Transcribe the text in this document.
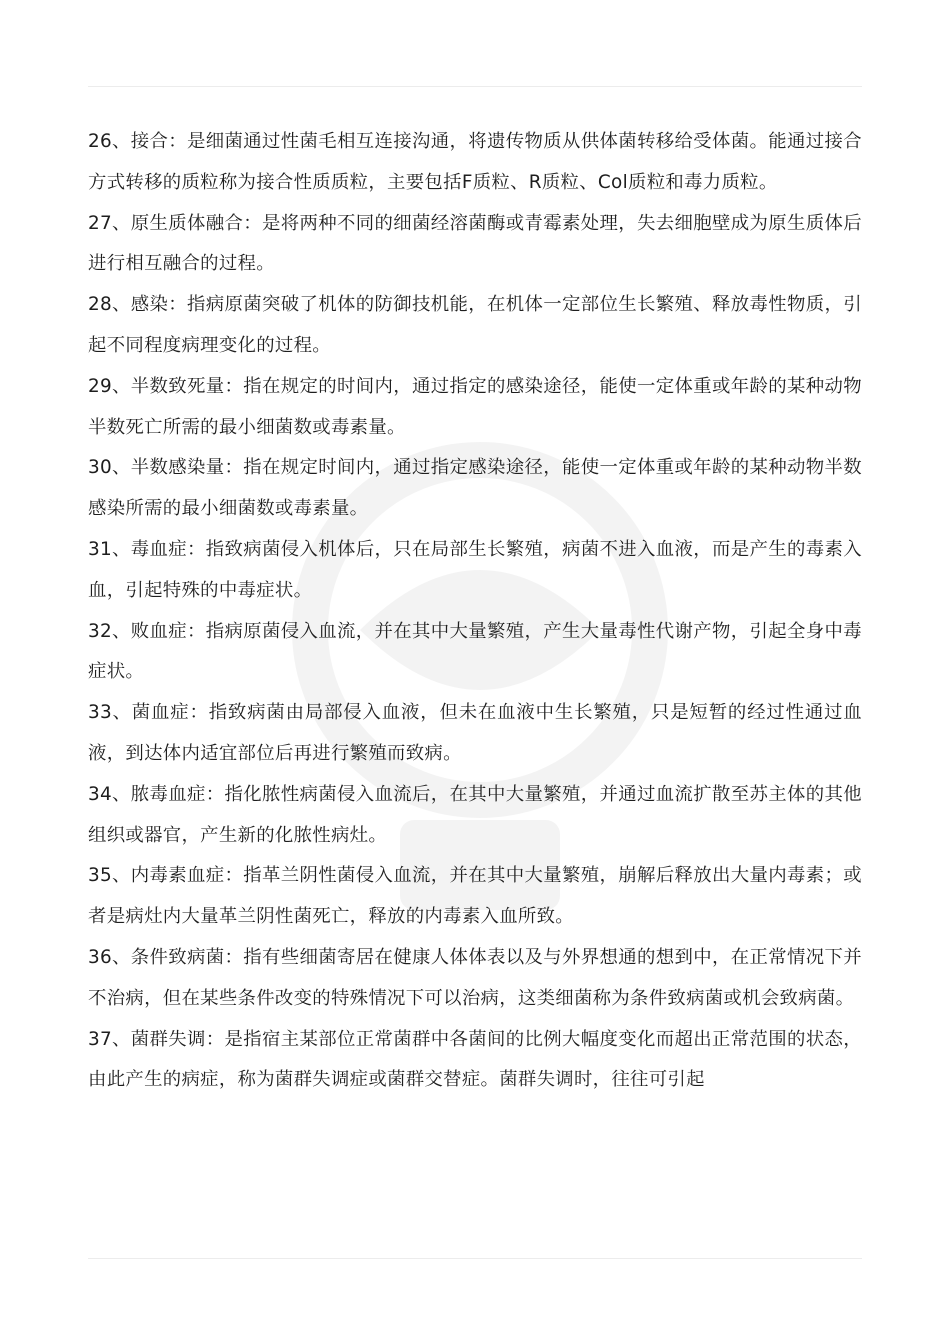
26、接合：是细菌通过性菌毛相互连接沟通，将遗传物质从供体菌转移给受体菌。能通过接合方式转移的质粒称为接合性质质粒，主要包括F质粒、R质粒、Col质粒和毒力质粒。

27、原生质体融合：是将两种不同的细菌经溶菌酶或青霉素处理，失去细胞壁成为原生质体后进行相互融合的过程。

28、感染：指病原菌突破了机体的防御技机能，在机体一定部位生长繁殖、释放毒性物质，引起不同程度病理变化的过程。

29、半数致死量：指在规定的时间内，通过指定的感染途径，能使一定体重或年龄的某种动物半数死亡所需的最小细菌数或毒素量。

30、半数感染量：指在规定时间内，通过指定感染途径，能使一定体重或年龄的某种动物半数感染所需的最小细菌数或毒素量。

31、毒血症：指致病菌侵入机体后，只在局部生长繁殖，病菌不进入血液，而是产生的毒素入血，引起特殊的中毒症状。

32、败血症：指病原菌侵入血流，并在其中大量繁殖，产生大量毒性代谢产物，引起全身中毒症状。

33、菌血症：指致病菌由局部侵入血液，但未在血液中生长繁殖，只是短暂的经过性通过血液，到达体内适宜部位后再进行繁殖而致病。

34、脓毒血症：指化脓性病菌侵入血流后，在其中大量繁殖，并通过血流扩散至苏主体的其他组织或器官，产生新的化脓性病灶。

35、内毒素血症：指革兰阴性菌侵入血流，并在其中大量繁殖，崩解后释放出大量内毒素；或者是病灶内大量革兰阴性菌死亡，释放的内毒素入血所致。

36、条件致病菌：指有些细菌寄居在健康人体体表以及与外界想通的想到中，在正常情况下并不治病，但在某些条件改变的特殊情况下可以治病，这类细菌称为条件致病菌或机会致病菌。

37、菌群失调：是指宿主某部位正常菌群中各菌间的比例大幅度变化而超出正常范围的状态，由此产生的病症，称为菌群失调症或菌群交替症。菌群失调时，往往可引起
